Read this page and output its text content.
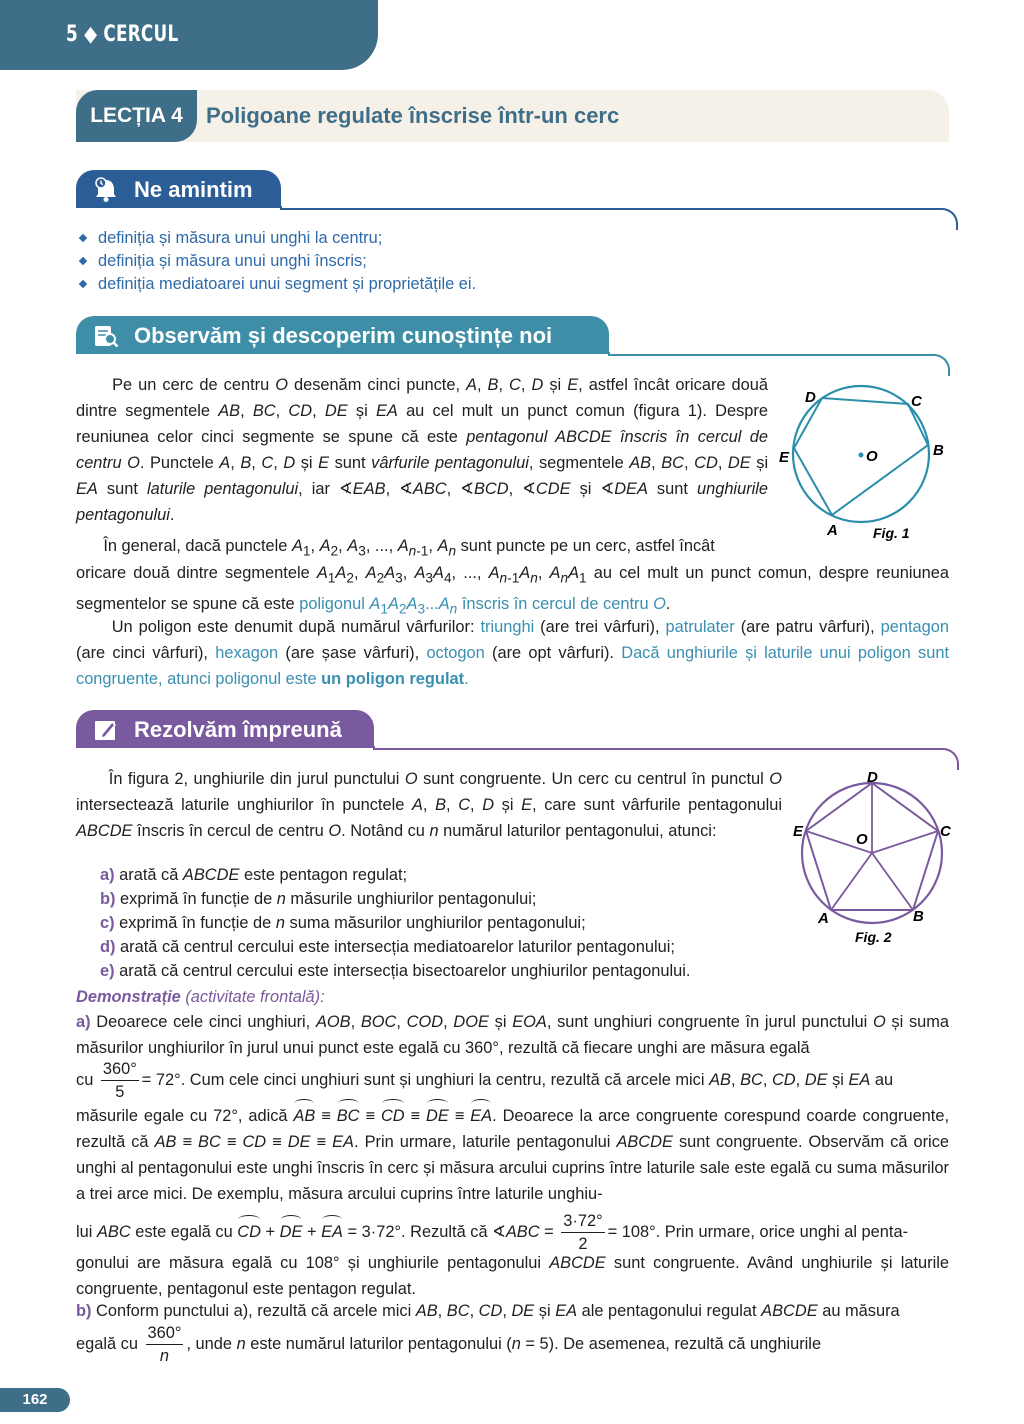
5 ◆ CERCUL
LECȚIA 4	Poligoane regulate înscrise într-un cerc
Ne amintim
definiția și măsura unui unghi la centru;
definiția și măsura unui unghi înscris;
definiția mediatoarei unui segment și proprietățile ei.
Observăm și descoperim cunoștințe noi
Pe un cerc de centru O desenăm cinci puncte, A, B, C, D și E, astfel încât oricare două dintre segmentele AB, BC, CD, DE și EA au cel mult un punct comun (figura 1). Despre reuniunea celor cinci segmente se spune că este pentagonul ABCDE înscris în cercul de centru O. Punctele A, B, C, D și E sunt vârfurile pentagonului, segmentele AB, BC, CD, DE și EA sunt laturile pentagonului, iar ∢EAB, ∢ABC, ∢BCD, ∢CDE și ∢DEA sunt unghiurile pentagonului.
În general, dacă punctele $A_1$, $A_2$, $A_3$, ..., $A_{n-1}$, $A_n$ sunt puncte pe un cerc, astfel încât
oricare două dintre segmentele $A_1A_2$, $A_2A_3$, $A_3A_4$, ..., $A_{n-1}A_n$, $A_nA_1$ au cel mult un punct comun, despre reuniunea segmentelor se spune că este poligonul $A_1A_2A_3...A_n$ înscris în cercul de centru O.
Un poligon este denumit după numărul vârfurilor: triunghi (are trei vârfuri), patrulater (are patru vârfuri), pentagon (are cinci vârfuri), hexagon (are șase vârfuri), octogon (are opt vârfuri). Dacă unghiurile și laturile unui poligon sunt congruente, atunci poligonul este un poligon regulat.
O
D	C
B
E
A	Fig. 1
Rezolvăm împreună
În figura 2, unghiurile din jurul punctului O sunt congruente. Un cerc cu centrul în punctul O intersectează laturile unghiurilor în punctele A, B, C, D și E, care sunt vârfurile pentagonului ABCDE înscris în cercul de centru O. Notând cu n numărul laturilor pentagonului, atunci:
a) arată că ABCDE este pentagon regulat;
b) exprimă în funcție de n măsurile unghiurilor pentagonului;
c) exprimă în funcție de n suma măsurilor unghiurilor pentagonului;
d) arată că centrul cercului este intersecția mediatoarelor laturilor pentagonului;
e) arată că centrul cercului este intersecția bisectoarelor unghiurilor pentagonului.
Demonstrație (activitate frontală):
D
C
E	O
A	B
Fig. 2
a) Deoarece cele cinci unghiuri, AOB, BOC, COD, DOE și EOA, sunt unghiuri congruente în jurul punctului O și suma măsurilor unghiurilor în jurul unui punct este egală cu 360°, rezultă că fiecare unghi are măsura egală
cu $\frac{360^\circ}{5} = 72^\circ$. Cum cele cinci unghiuri sunt și unghiuri la centru, rezultă că arcele mici AB, BC, CD, DE și EA au
măsurile egale cu 72°, adică AB ≡ BC ≡ CD ≡ DE ≡ EA. Deoarece la arce congruente corespund coarde congruente, rezultă că AB ≡ BC ≡ CD ≡ DE ≡ EA. Prin urmare, laturile pentagonului ABCDE sunt congruente. Observăm că orice unghi al pentagonului este unghi înscris în cerc și măsura arcului cuprins între laturile sale este egală cu suma măsurilor a trei arce mici. De exemplu, măsura arcului cuprins între laturile unghiu-
lui ABC este egală cu CD + DE + EA = 3·72°. Rezultă că ∢ABC = $\frac{3\cdot 72^\circ}{2} = 108^\circ$. Prin urmare, orice unghi al penta-
gonului are măsura egală cu 108° și unghiurile pentagonului ABCDE sunt congruente. Având unghiurile și laturile congruente, pentagonul este pentagon regulat.
b) Conform punctului a), rezultă că arcele mici AB, BC, CD, DE și EA ale pentagonului regulat ABCDE au măsura
egală cu $\frac{360^\circ}{n}$ , unde n este numărul laturilor pentagonului (n = 5). De asemenea, rezultă că unghiurile
162
